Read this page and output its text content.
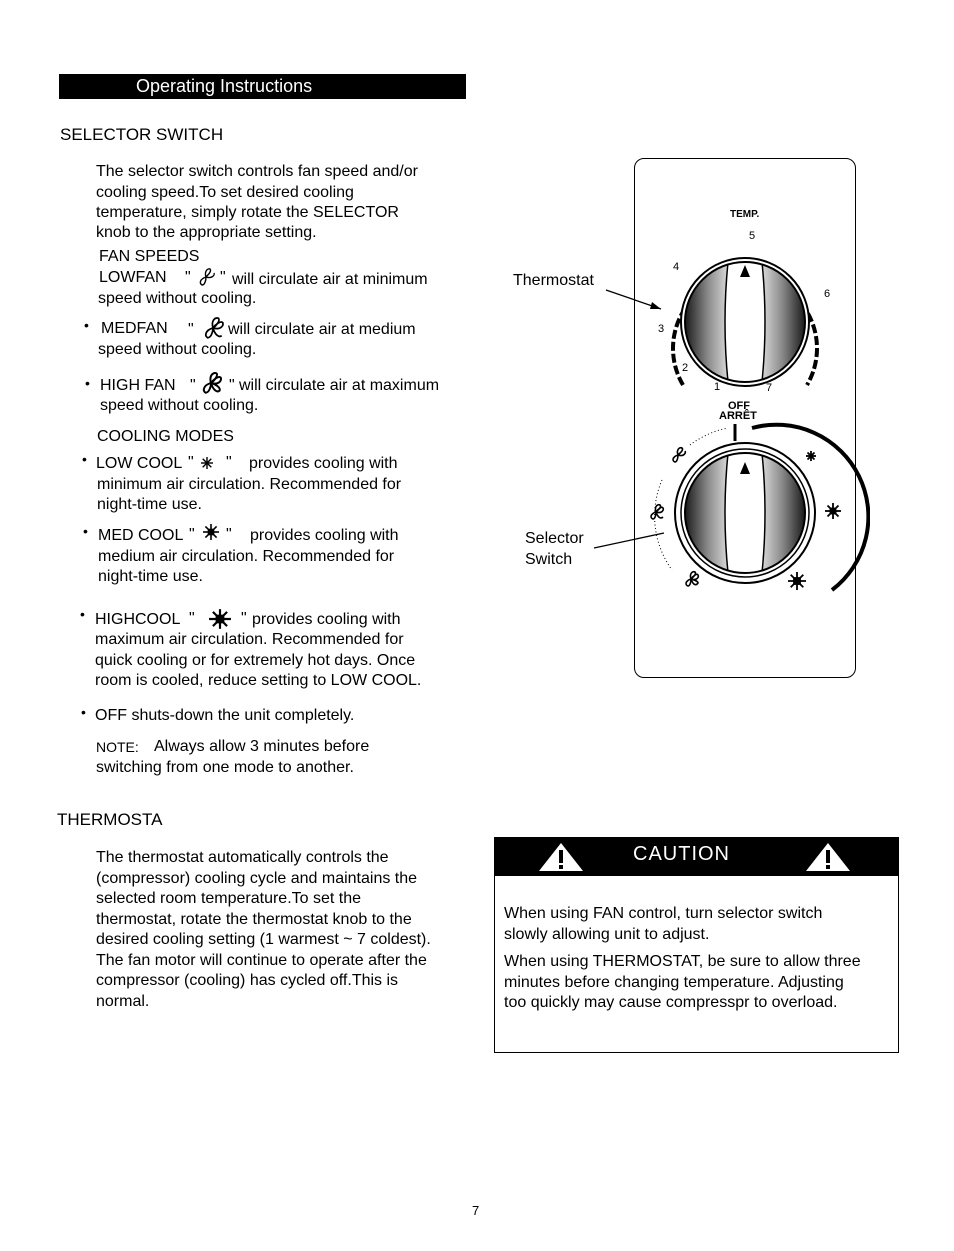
Operating Instructions
SELECTOR SWITCH
The selector switch controls fan speed and/or
cooling speed.To set desired cooling
temperature, simply rotate the SELECTOR
knob to the appropriate setting.
FAN SPEEDS
LOWFAN " " will circulate air at minimum
speed without cooling.
• MEDFAN " will circulate air at medium
speed without cooling.
• HIGH FAN " " will circulate air at maximum
speed without cooling.
COOLING MODES
• LOW COOL " " provides cooling with
minimum air circulation. Recommended for
night-time use.
• MED COOL " " provides cooling with
medium air circulation. Recommended for
night-time use.
• HIGHCOOL "	" provides cooling with
maximum air circulation. Recommended for
quick cooling or for extremely hot days. Once
room is cooled, reduce setting to LOW COOL.
• OFF shuts-down the unit completely.
NOTE: Always allow 3 minutes before
switching from one mode to another.
THERMOSTA
The thermostat automatically controls the
(compressor) cooling cycle and maintains the
selected room temperature.To set the
thermostat, rotate the thermostat knob to the
desired cooling setting (1 warmest ~ 7 coldest).
The fan motor will continue to operate after the
compressor (cooling) has cycled off.This is
normal.
Thermostat
Selector
Switch
TEMP.
1
2
3
4
5
6
7
OFF
ARRÊT
CAUTION
When using FAN control, turn selector switch
slowly allowing unit to adjust.
When using THERMOSTAT, be sure to allow three
minutes before changing temperature. Adjusting
too quickly may cause compresspr to overload.
7
